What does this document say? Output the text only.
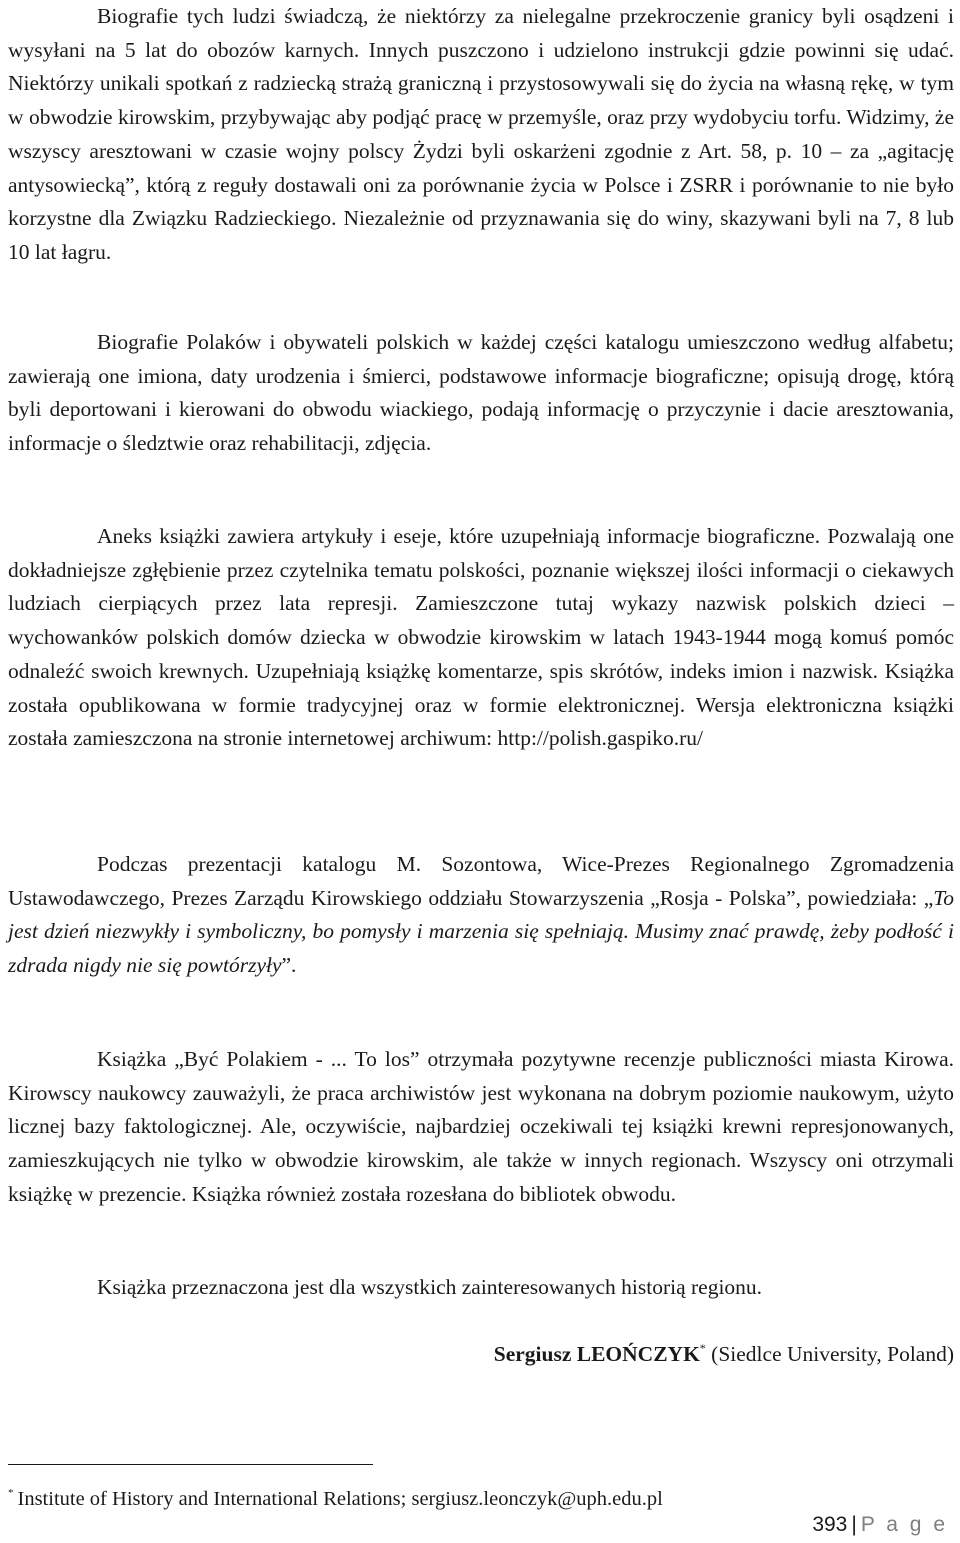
Biografie tych ludzi świadczą, że niektórzy za nielegalne przekroczenie granicy byli osądzeni i wysyłani na 5 lat do obozów karnych. Innych puszczono i udzielono instrukcji gdzie powinni się udać. Niektórzy unikali spotkań z radziecką strażą graniczną i przystosowywali się do życia na własną rękę, w tym w obwodzie kirowskim, przybywając aby podjąć pracę w przemyśle, oraz przy wydobyciu torfu. Widzimy, że wszyscy aresztowani w czasie wojny polscy Żydzi byli oskarżeni zgodnie z Art. 58, p. 10 – za „agitację antysowiecką”, którą z reguły dostawali oni za porównanie życia w Polsce i ZSRR i porównanie to nie było korzystne dla Związku Radzieckiego. Niezależnie od przyznawania się do winy, skazywani byli na 7, 8 lub 10 lat łagru.

Biografie Polaków i obywateli polskich w każdej części katalogu umieszczono według alfabetu; zawierają one imiona, daty urodzenia i śmierci, podstawowe informacje biograficzne; opisują drogę, którą byli deportowani i kierowani do obwodu wiackiego, podają informację o przyczynie i dacie aresztowania, informacje o śledztwie oraz rehabilitacji, zdjęcia.

Aneks książki zawiera artykuły i eseje, które uzupełniają informacje biograficzne. Pozwalają one dokładniejsze zgłębienie przez czytelnika tematu polskości, poznanie większej ilości informacji o ciekawych ludziach cierpiących przez lata represji. Zamieszczone tutaj wykazy nazwisk polskich dzieci – wychowanków polskich domów dziecka w obwodzie kirowskim w latach 1943-1944 mogą komuś pomóc odnaleźć swoich krewnych. Uzupełniają książkę komentarze, spis skrótów, indeks imion i nazwisk. Książka została opublikowana w formie tradycyjnej oraz w formie elektronicznej. Wersja elektroniczna książki została zamieszczona na stronie internetowej archiwum: http://polish.gaspiko.ru/

Podczas prezentacji katalogu M. Sozontowa, Wice-Prezes Regionalnego Zgromadzenia Ustawodawczego, Prezes Zarządu Kirowskiego oddziału Stowarzyszenia „Rosja - Polska”, powiedziała: „To jest dzień niezwykły i symboliczny, bo pomysły i marzenia się spełniają. Musimy znać prawdę, żeby podłość i zdrada nigdy nie się powtórzyły”.

Książka „Być Polakiem - ... To los” otrzymała pozytywne recenzje publiczności miasta Kirowa. Kirowscy naukowcy zauważyli, że praca archiwistów jest wykonana na dobrym poziomie naukowym, użyto licznej bazy faktologicznej. Ale, oczywiście, najbardziej oczekiwali tej książki krewni represjonowanych, zamieszkujących nie tylko w obwodzie kirowskim, ale także w innych regionach. Wszyscy oni otrzymali książkę w prezencie. Książka również została rozesłana do bibliotek obwodu.

Książka przeznaczona jest dla wszystkich zainteresowanych historią regionu.

Sergiusz LEOŃCZYK* (Siedlce University, Poland)
* Institute of History and International Relations; sergiusz.leonczyk@uph.edu.pl
393 | P a g e
